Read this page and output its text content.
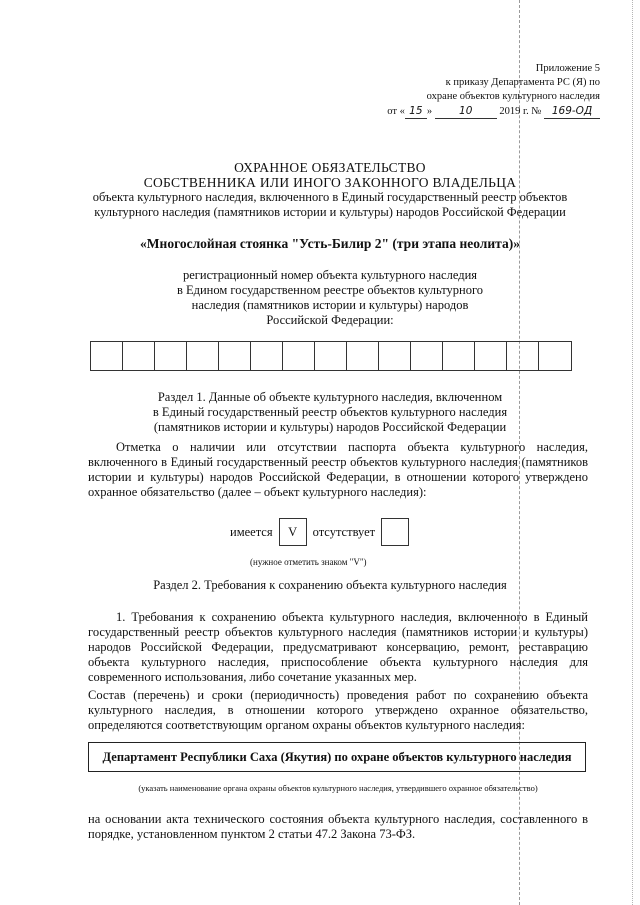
Приложение 5
к приказу Департамента РС (Я) по
охране объектов культурного наследия
от « 15 »	10	2019 г. № 169-ОД
ОХРАННОЕ ОБЯЗАТЕЛЬСТВО
СОБСТВЕННИКА ИЛИ ИНОГО ЗАКОННОГО ВЛАДЕЛЬЦА
объекта культурного наследия, включенного в Единый государственный реестр объектов
культурного наследия (памятников истории и культуры) народов Российской Федерации
«Многослойная стоянка "Усть-Билир 2" (три этапа неолита)»
регистрационный номер объекта культурного наследия
в Едином государственном реестре объектов культурного
наследия (памятников истории и культуры) народов
Российской Федерации:
Раздел 1. Данные об объекте культурного наследия, включенном
в Единый государственный реестр объектов культурного наследия
(памятников истории и культуры) народов Российской Федерации
Отметка о наличии или отсутствии паспорта объекта культурного наследия, включенного в Единый государственный реестр объектов культурного наследия (памятников истории и культуры) народов Российской Федерации, в отношении которого утверждено охранное обязательство (далее – объект культурного наследия):
имеется	V	отсутствует
(нужное отметить знаком "V")
Раздел 2. Требования к сохранению объекта культурного наследия
1. Требования к сохранению объекта культурного наследия, включенного в Единый государственный реестр объектов культурного наследия (памятников истории и культуры) народов Российской Федерации, предусматривают консервацию, ремонт, реставрацию объекта культурного наследия, приспособление объекта культурного наследия для современного использования, либо сочетание указанных мер.
Состав (перечень) и сроки (периодичность) проведения работ по сохранению объекта культурного наследия, в отношении которого утверждено охранное обязательство, определяются соответствующим органом охраны объектов культурного наследия:
Департамент Республики Саха (Якутия) по охране объектов культурного наследия
(указать наименование органа охраны объектов культурного наследия, утвердившего охранное обязательство)
на основании акта технического состояния объекта культурного наследия, составленного в порядке, установленном пунктом 2 статьи 47.2 Закона 73-ФЗ.
